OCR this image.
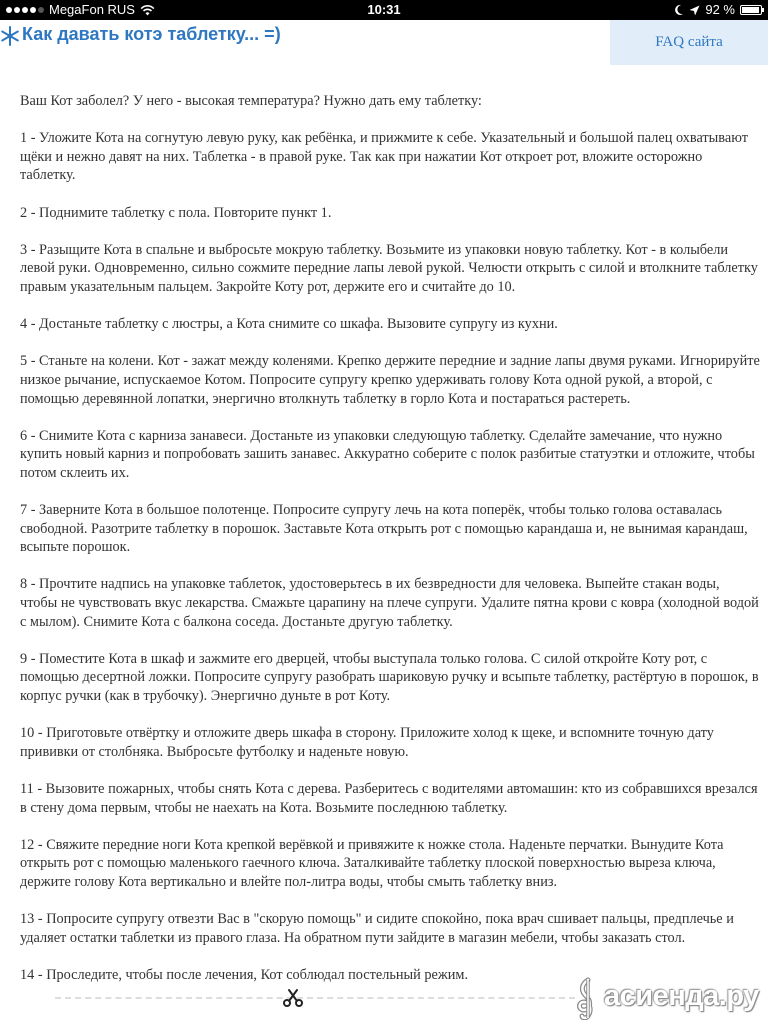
MegaFon RUS	10:31	92 %
Как давать котэ таблетку... =)	FAQ сайта

Ваш Кот заболел? У него - высокая температура? Нужно дать ему таблетку:

1 - Уложите Кота на согнутую левую руку, как ребёнка, и прижмите к себе. Указательный и большой палец охватывают щёки и нежно давят на них. Таблетка - в правой руке. Так как при нажатии Кот откроет рот, вложите осторожно таблетку.

2 - Поднимите таблетку с пола. Повторите пункт 1.

3 - Разыщите Кота в спальне и выбросьте мокрую таблетку. Возьмите из упаковки новую таблетку. Кот - в колыбели левой руки. Одновременно, сильно сожмите передние лапы левой рукой. Челюсти открыть с силой и втолкните таблетку правым указательным пальцем. Закройте Коту рот, держите его и считайте до 10.

4 - Достаньте таблетку с люстры, а Кота снимите со шкафа. Вызовите супругу из кухни.

5 - Станьте на колени. Кот - зажат между коленями. Крепко держите передние и задние лапы двумя руками. Игнорируйте низкое рычание, испускаемое Котом. Попросите супругу крепко удерживать голову Кота одной рукой, а второй, с помощью деревянной лопатки, энергично втолкнуть таблетку в горло Кота и постараться растереть.

6 - Снимите Кота с карниза занавеси. Достаньте из упаковки следующую таблетку. Сделайте замечание, что нужно купить новый карниз и попробовать зашить занавес. Аккуратно соберите с полок разбитые статуэтки и отложите, чтобы потом склеить их.

7 - Заверните Кота в большое полотенце. Попросите супругу лечь на кота поперёк, чтобы только голова оставалась свободной. Разотрите таблетку в порошок. Заставьте Кота открыть рот с помощью карандаша и, не вынимая карандаш, всыпьте порошок.

8 - Прочтите надпись на упаковке таблеток, удостоверьтесь в их безвредности для человека. Выпейте стакан воды, чтобы не чувствовать вкус лекарства. Смажьте царапину на плече супруги. Удалите пятна крови с ковра (холодной водой с мылом). Снимите Кота с балкона соседа. Достаньте другую таблетку.

9 - Поместите Кота в шкаф и зажмите его дверцей, чтобы выступала только голова. С силой откройте Коту рот, с помощью десертной ложки. Попросите супругу разобрать шариковую ручку и всыпьте таблетку, растёртую в порошок, в корпус ручки (как в трубочку). Энергично дуньте в рот Коту.

10 - Приготовьте отвёртку и отложите дверь шкафа в сторону. Приложите холод к щеке, и вспомните точную дату прививки от столбняка. Выбросьте футболку и наденьте новую.

11 - Вызовите пожарных, чтобы снять Кота с дерева. Разберитесь с водителями автомашин: кто из собравшихся врезался в стену дома первым, чтобы не наехать на Кота. Возьмите последнюю таблетку.

12 - Свяжите передние ноги Кота крепкой верёвкой и привяжите к ножке стола. Наденьте перчатки. Вынудите Кота открыть рот с помощью маленького гаечного ключа. Заталкивайте таблетку плоской поверхностью выреза ключа, держите голову Кота вертикально и влейте пол-литра воды, чтобы смыть таблетку вниз.

13 - Попросите супругу отвезти Вас в "скорую помощь" и сидите спокойно, пока врач сшивает пальцы, предплечье и удаляет остатки таблетки из правого глаза. На обратном пути зайдите в магазин мебели, чтобы заказать стол.

14 - Проследите, чтобы после лечения, Кот соблюдал постельный режим.

асиенда.ру
